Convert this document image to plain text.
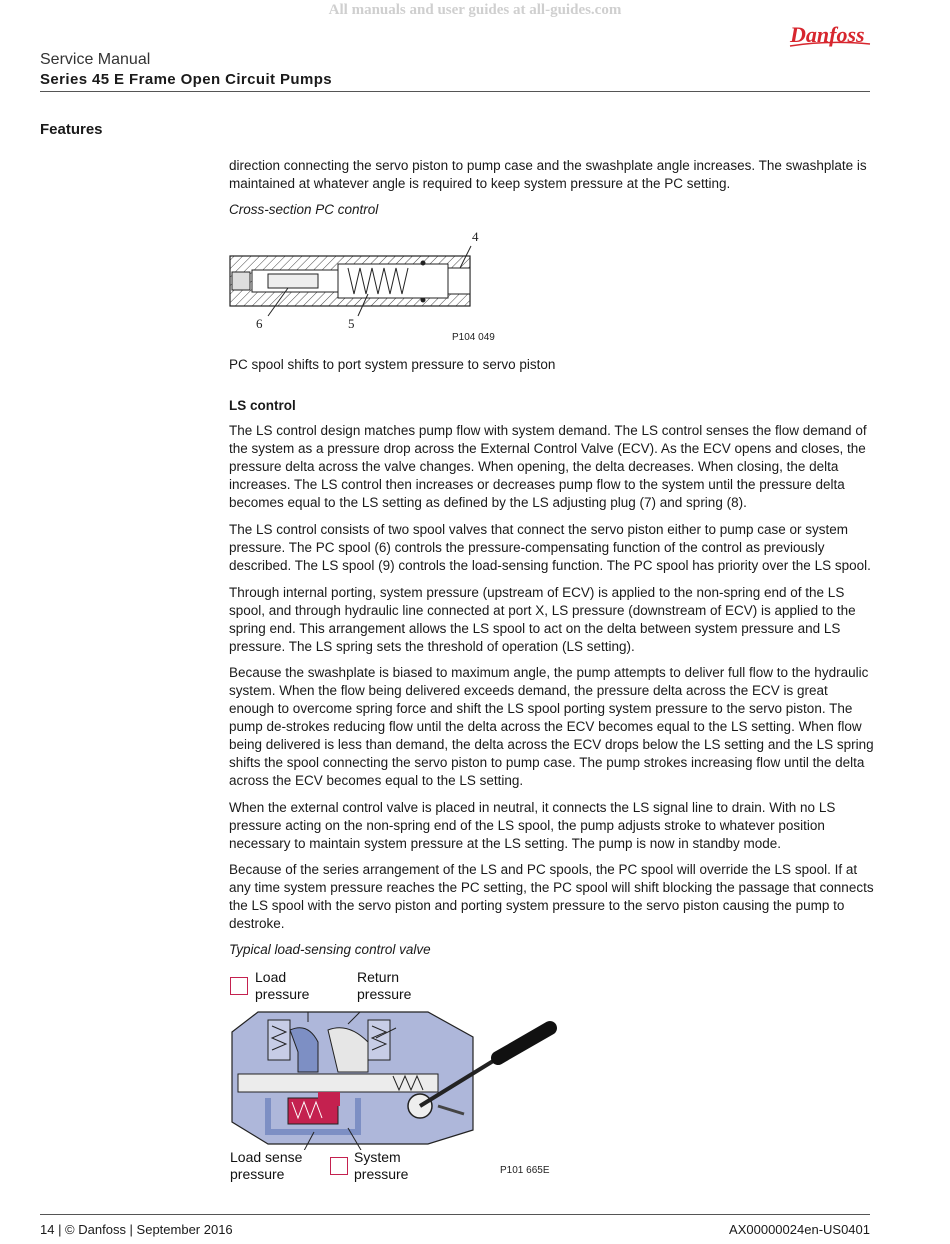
All manuals and user guides at all-guides.com
Danfoss
Service Manual
Series 45 E Frame Open Circuit Pumps
Features

direction connecting the servo piston to pump case and the swashplate angle increases. The swashplate is maintained at whatever angle is required to keep system pressure at the PC setting.

Cross-section PC control
4
6	5
P104 049
PC spool shifts to port system pressure to servo piston
LS control

The LS control design matches pump flow with system demand. The LS control senses the flow demand of the system as a pressure drop across the External Control Valve (ECV). As the ECV opens and closes, the pressure delta across the valve changes. When opening, the delta decreases. When closing, the delta increases. The LS control then increases or decreases pump flow to the system until the pressure delta becomes equal to the LS setting as defined by the LS adjusting plug (7) and spring (8).

The LS control consists of two spool valves that connect the servo piston either to pump case or system pressure. The PC spool (6) controls the pressure-compensating function of the control as previously described. The LS spool (9) controls the load-sensing function. The PC spool has priority over the LS spool.

Through internal porting, system pressure (upstream of ECV) is applied to the non-spring end of the LS spool, and through hydraulic line connected at port X, LS pressure (downstream of ECV) is applied to the spring end. This arrangement allows the LS spool to act on the delta between system pressure and LS pressure. The LS spring sets the threshold of operation (LS setting).

Because the swashplate is biased to maximum angle, the pump attempts to deliver full flow to the hydraulic system. When the flow being delivered exceeds demand, the pressure delta across the ECV is great enough to overcome spring force and shift the LS spool porting system pressure to the servo piston. The pump de-strokes reducing flow until the delta across the ECV becomes equal to the LS setting. When flow being delivered is less than demand, the delta across the ECV drops below the LS setting and the LS spring shifts the spool connecting the servo piston to pump case. The pump strokes increasing flow until the delta across the ECV becomes equal to the LS setting.

When the external control valve is placed in neutral, it connects the LS signal line to drain. With no LS pressure acting on the non-spring end of the LS spool, the pump adjusts stroke to whatever position necessary to maintain system pressure at the LS setting. The pump is now in standby mode.

Because of the series arrangement of the LS and PC spools, the PC spool will override the LS spool. If at any time system pressure reaches the PC setting, the PC spool will shift blocking the passage that connects the LS spool with the servo piston and porting system pressure to the servo piston causing the pump to destroke.

Typical load-sensing control valve
Load
pressure
Return
pressure
Load sense
pressure
System
pressure	P101 665E
14 | © Danfoss | September 2016	AX00000024en-US0401
